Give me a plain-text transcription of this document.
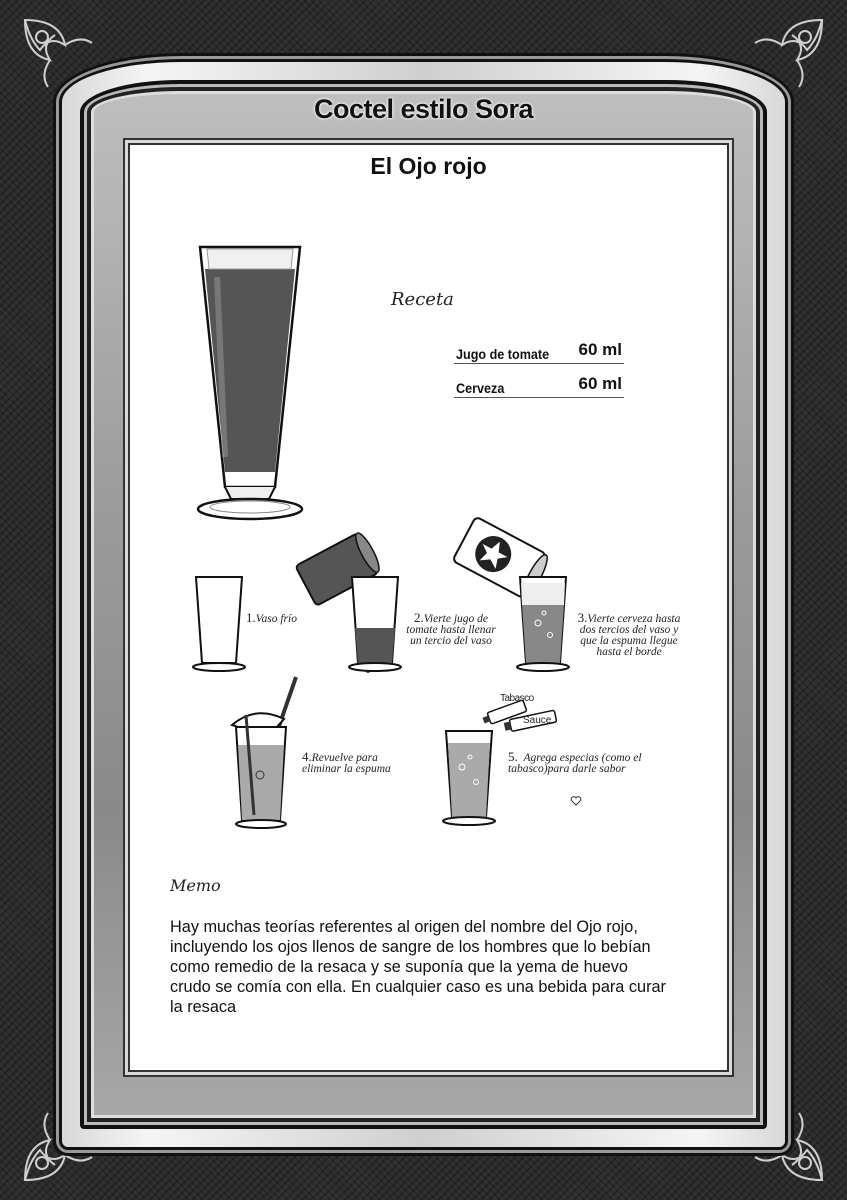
Coctel estilo Sora
El Ojo rojo
Receta
Jugo de tomate 60 ml
Cerveza	60 ml
1.Vaso frío	2.Vierte jugo de tomate hasta llenar un tercio del vaso
3.Vierte cerveza hasta dos tercios del vaso y que la espuma llegue hasta el borde
4.Revuelve para eliminar la espuma
Tabasco
Sauce
5. Agrega especias (como el tabasco)para darle sabor
Memo
Hay muchas teorías referentes al origen del nombre del Ojo rojo, incluyendo los ojos llenos de sangre de los hombres que lo bebían como remedio de la resaca y se suponía que la yema de huevo crudo se comía con ella. En cualquier caso es una bebida para curar la resaca
